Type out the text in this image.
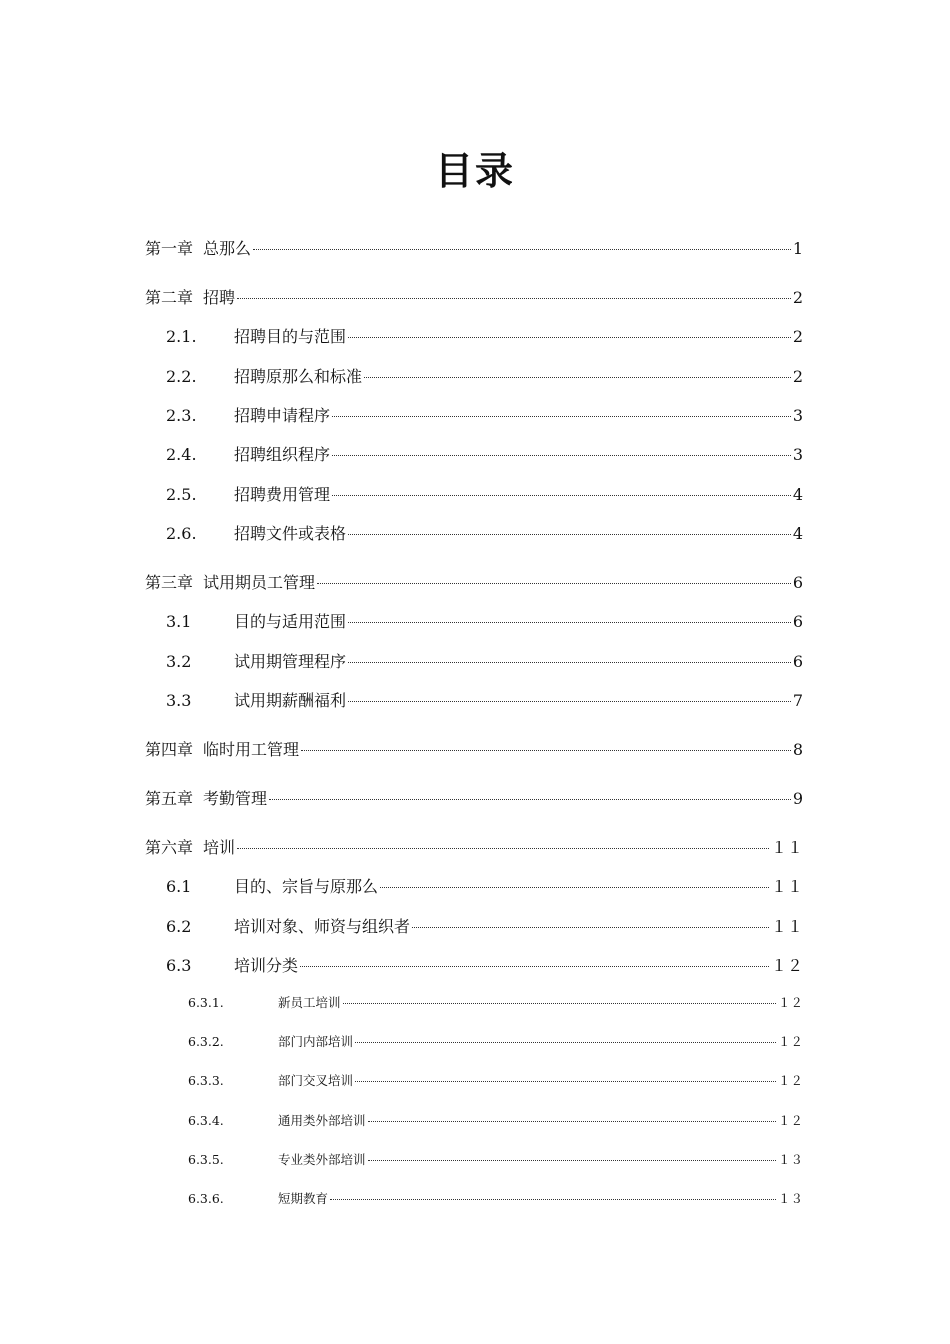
目录
第一章 总那么	1
第二章 招聘	2
2.1.	招聘目的与范围	2
2.2.	招聘原那么和标准	2
2.3.	招聘申请程序	3
2.4.	招聘组织程序	3
2.5.	招聘费用管理	4
2.6.	招聘文件或表格	4
第三章 试用期员工管理	6
3.1	目的与适用范围	6
3.2	试用期管理程序	6
3.3	试用期薪酬福利	7
第四章 临时用工管理	8
第五章 考勤管理	9
第六章 培训	１１
6.1	目的、宗旨与原那么	１１
6.2	培训对象、师资与组织者	１１
6.3	培训分类	１２
6.3.1.	新员工培训	１２
6.3.2.	部门内部培训	１２
6.3.3.	部门交叉培训	１２
6.3.4.	通用类外部培训	１２
6.3.5.	专业类外部培训	１３
6.3.6.	短期教育	１３
